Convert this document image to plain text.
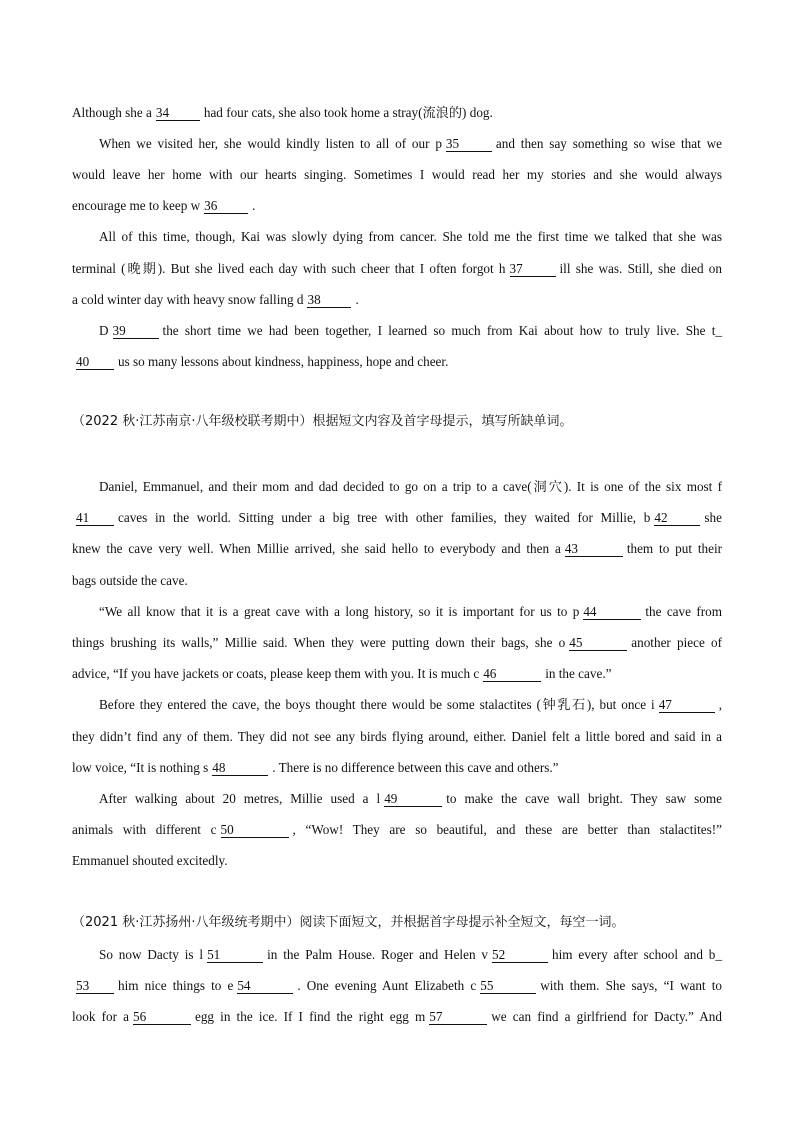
Although she a 34	had four cats, she also took home a stray(流浪的) dog.
When we visited her, she would kindly listen to all of our p 35	and then say something so wise that we
would leave her home with our hearts singing. Sometimes I would read her my stories and she would always
encourage me to keep w 36	.
All of this time, though, Kai was slowly dying from cancer. She told me the first time we talked that she was
terminal (晚期). But she lived each day with such cheer that I often forgot h 37	ill she was. Still, she died on
a cold winter day with heavy snow falling d 38	.
D 39	the short time we had been together, I learned so much from Kai about how to truly live. She t_
40 us so many lessons about kindness, happiness, hope and cheer.
（2022 秋·江苏南京·八年级校联考期中）根据短文内容及首字母提示，填写所缺单词。
Daniel, Emmanuel, and their mom and dad decided to go on a trip to a cave(洞穴). It is one of the six most f
41 caves in the world. Sitting under a big tree with other families, they waited for Millie, b 42	she
knew the cave very well. When Millie arrived, she said hello to everybody and then a 43	them to put their
bags outside the cave.
“We all know that it is a great cave with a long history, so it is important for us to p 44	the cave from
things brushing its walls,” Millie said. When they were putting down their bags, she o 45	another piece of
advice, “If you have jackets or coats, please keep them with you. It is much c 46	in the cave.”
Before they entered the cave, the boys thought there would be some stalactites (钟乳石), but once i 47	,
they didn’t find any of them. They did not see any birds flying around, either. Daniel felt a little bored and said in a
low voice, “It is nothing s 48	. There is no difference between this cave and others.”
After walking about 20 metres, Millie used a l 49	to make the cave wall bright. They saw some
animals with different c 50	, “Wow! They are so beautiful, and these are better than stalactites!”
Emmanuel shouted excitedly.
（2021 秋·江苏扬州·八年级统考期中）阅读下面短文，并根据首字母提示补全短文，每空一词。
So now Dacty is l 51	in the Palm House. Roger and Helen v 52	him every after school and b_
53 him nice things to e 54	. One evening Aunt Elizabeth c 55	with them. She says, “I want to
look for a 56	egg in the ice. If I find the right egg m 57	we can find a girlfriend for Dacty.” And
